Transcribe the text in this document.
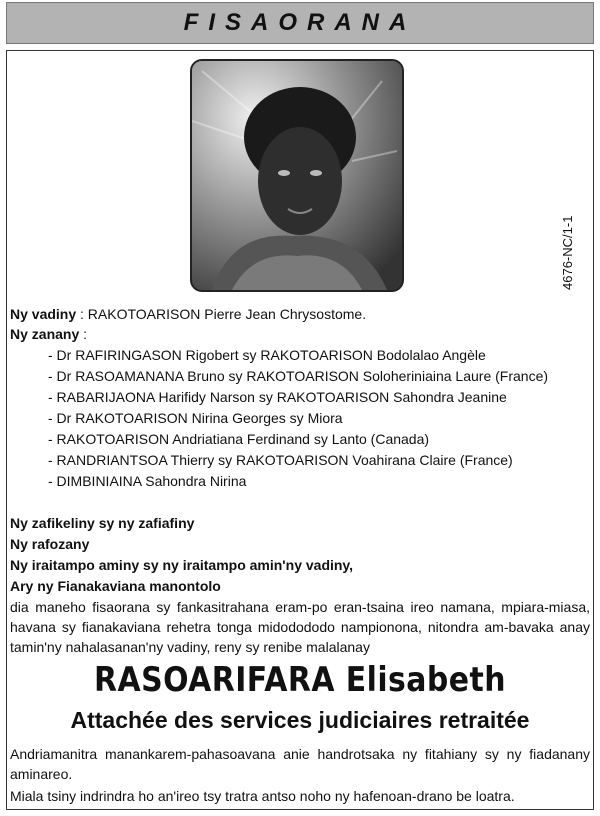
FISAORANA
4676-NC/1-1
Ny vadiny : RAKOTOARISON Pierre Jean Chrysostome.
Ny zanany :
- Dr RAFIRINGASON Rigobert sy RAKOTOARISON Bodolalao Angèle
- Dr RASOAMANANA Bruno sy RAKOTOARISON Soloheriniaina Laure (France)
- RABARIJAONA Harifidy Narson sy RAKOTOARISON Sahondra Jeanine
- Dr RAKOTOARISON Nirina Georges sy Miora
- RAKOTOARISON Andriatiana Ferdinand sy Lanto (Canada)
- RANDRIANTSOA Thierry sy RAKOTOARISON Voahirana Claire (France)
- DIMBINIAINA Sahondra Nirina
Ny zafikeliny sy ny zafiafiny
Ny rafozany
Ny iraitampo aminy sy ny iraitampo amin'ny vadiny,
Ary ny Fianakaviana manontolo
dia maneho fisaorana sy fankasitrahana eram-po eran-tsaina ireo namana, mpiara-miasa, havana sy fianakaviana rehetra tonga midodododo nampionona, nitondra am-bavaka anay tamin'ny nahalasanan'ny vadiny, reny sy renibe malalanay
RASOARIFARA Elisabeth
Attachée des services judiciaires retraitée
Andriamanitra manankarem-pahasoavana anie handrotsaka ny fitahiany sy ny fiadanany aminareo.
Miala tsiny indrindra ho an'ireo tsy tratra antso noho ny hafenoan-drano be loatra.
